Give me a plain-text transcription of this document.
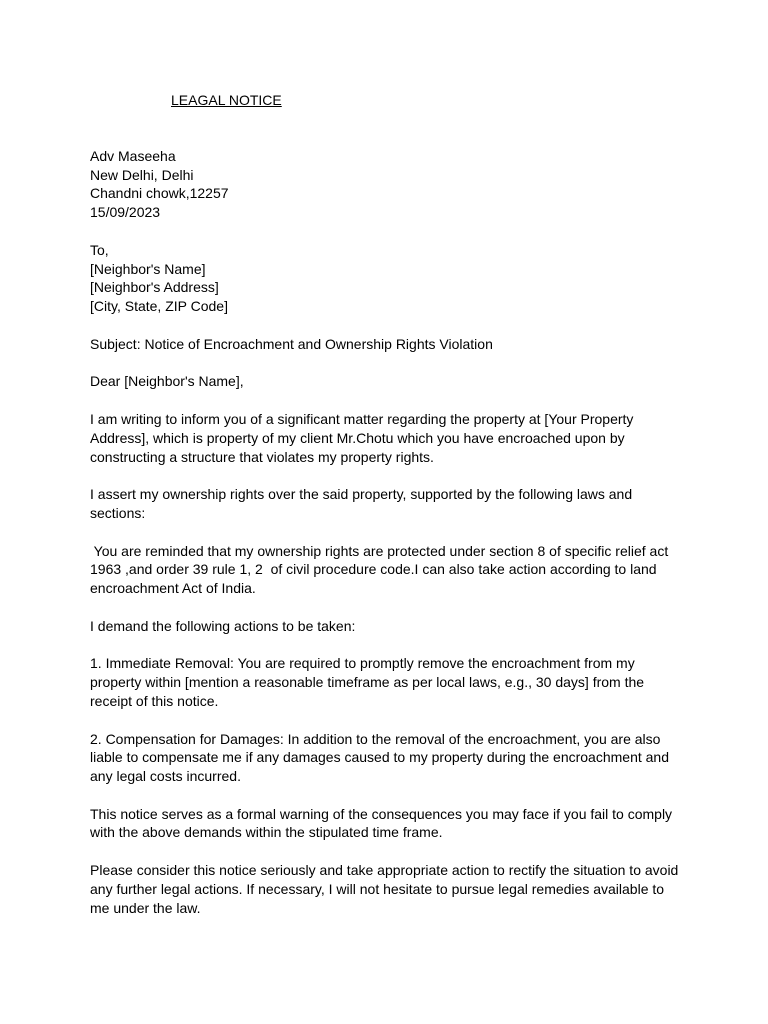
LEAGAL NOTICE
Adv Maseeha
New Delhi, Delhi
Chandni chowk,12257
15/09/2023
To,
[Neighbor's Name]
[Neighbor's Address]
[City, State, ZIP Code]
Subject: Notice of Encroachment and Ownership Rights Violation
Dear [Neighbor's Name],
I am writing to inform you of a significant matter regarding the property at [Your Property
Address], which is property of my client Mr.Chotu which you have encroached upon by
constructing a structure that violates my property rights.
I assert my ownership rights over the said property, supported by the following laws and
sections:
You are reminded that my ownership rights are protected under section 8 of specific relief act
1963 ,and order 39 rule 1, 2  of civil procedure code.I can also take action according to land
encroachment Act of India.
I demand the following actions to be taken:
1. Immediate Removal: You are required to promptly remove the encroachment from my
property within [mention a reasonable timeframe as per local laws, e.g., 30 days] from the
receipt of this notice.
2. Compensation for Damages: In addition to the removal of the encroachment, you are also
liable to compensate me if any damages caused to my property during the encroachment and
any legal costs incurred.
This notice serves as a formal warning of the consequences you may face if you fail to comply
with the above demands within the stipulated time frame.
Please consider this notice seriously and take appropriate action to rectify the situation to avoid
any further legal actions. If necessary, I will not hesitate to pursue legal remedies available to
me under the law.
